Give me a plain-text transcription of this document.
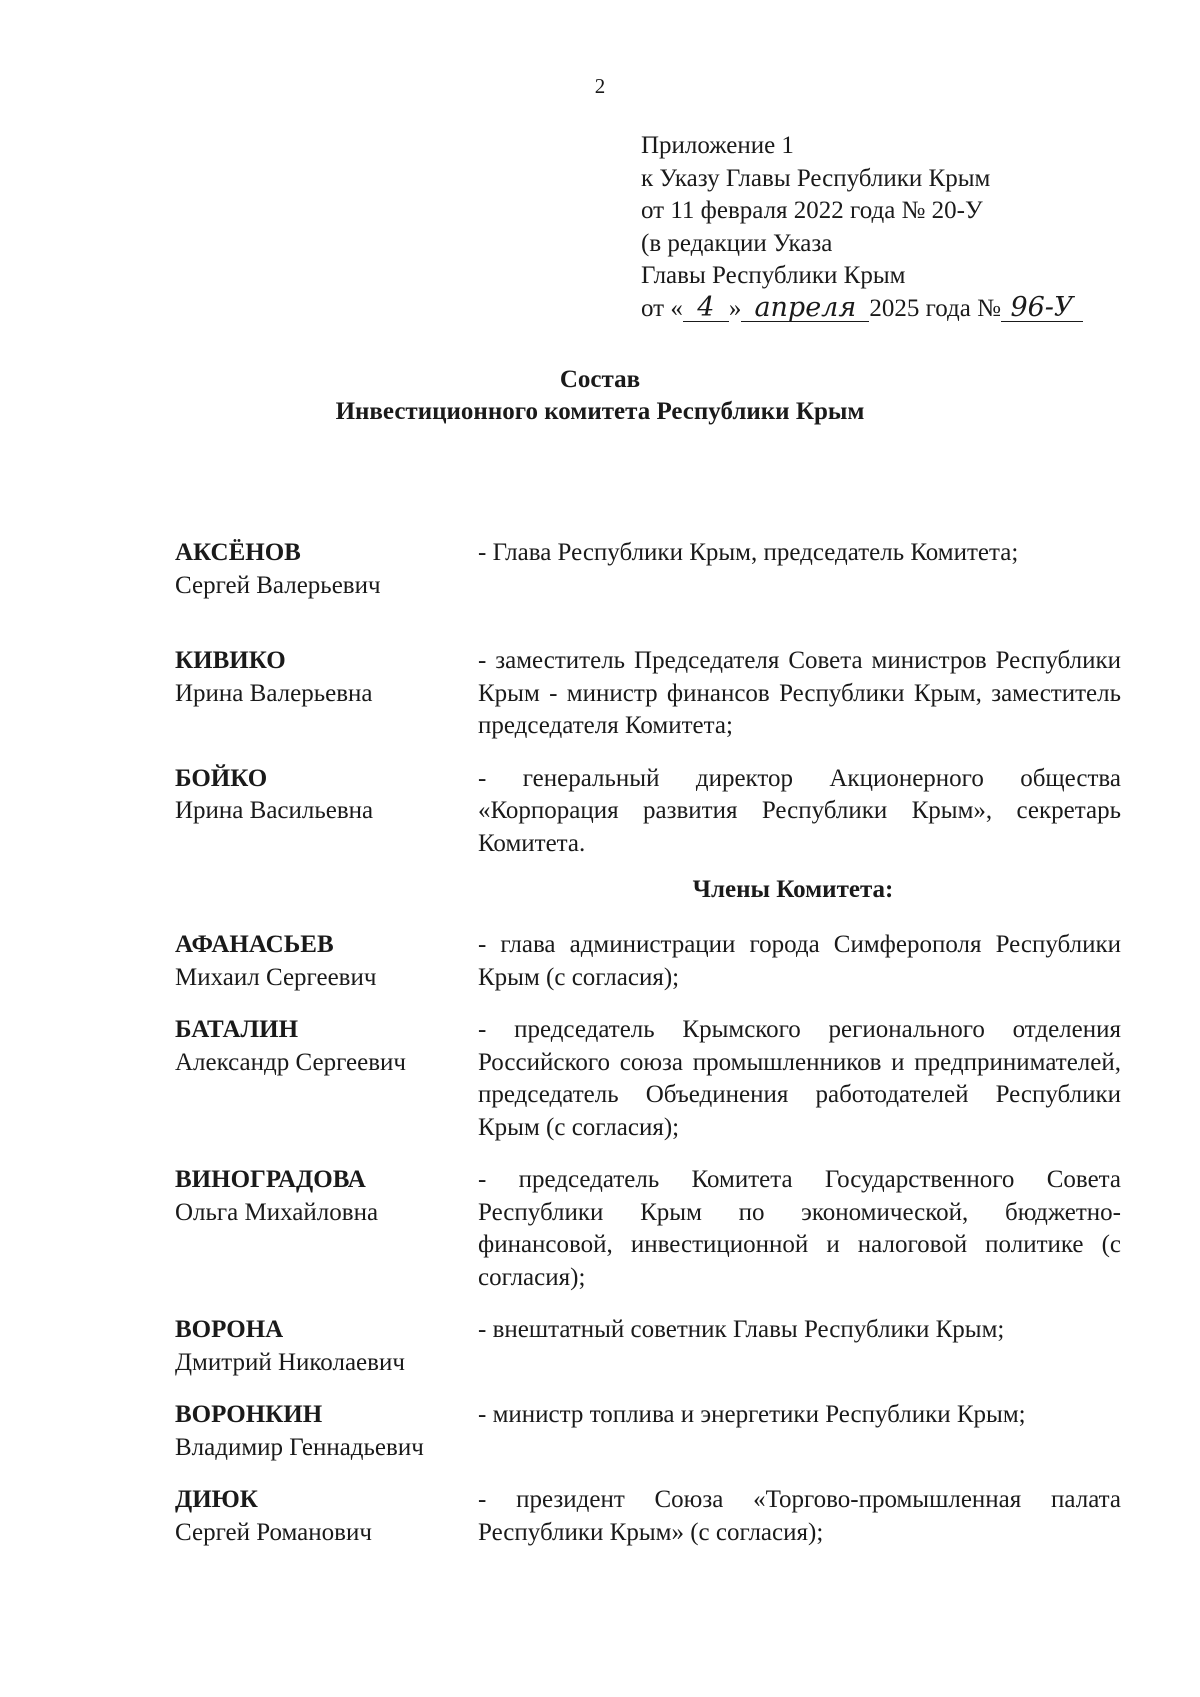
2
Приложение 1
к Указу Главы Республики Крым
от 11 февраля 2022 года № 20-У
(в редакции Указа
Главы Республики Крым
от « 4 » апреля 2025 года № 96-У
Состав
Инвестиционного комитета Республики Крым
АКСЁНОВ
Сергей Валерьевич
- Глава Республики Крым, председатель Комитета;
КИВИКО
Ирина Валерьевна
- заместитель Председателя Совета министров Республики Крым - министр финансов Республики Крым, заместитель председателя Комитета;
БОЙКО
Ирина Васильевна
- генеральный директор Акционерного общества «Корпорация развития Республики Крым», секретарь Комитета.
Члены Комитета:
АФАНАСЬЕВ
Михаил Сергеевич
- глава администрации города Симферополя Республики Крым (с согласия);
БАТАЛИН
Александр Сергеевич
- председатель Крымского регионального отделения Российского союза промышленников и предпринимателей, председатель Объединения работодателей Республики Крым (с согласия);
ВИНОГРАДОВА
Ольга Михайловна
- председатель Комитета Государственного Совета Республики Крым по экономической, бюджетно-финансовой, инвестиционной и налоговой политике (с согласия);
ВОРОНА
Дмитрий Николаевич
- внештатный советник Главы Республики Крым;
ВОРОНКИН
Владимир Геннадьевич
- министр топлива и энергетики Республики Крым;
ДИЮК
Сергей Романович
- президент Союза «Торгово-промышленная палата Республики Крым» (с согласия);
